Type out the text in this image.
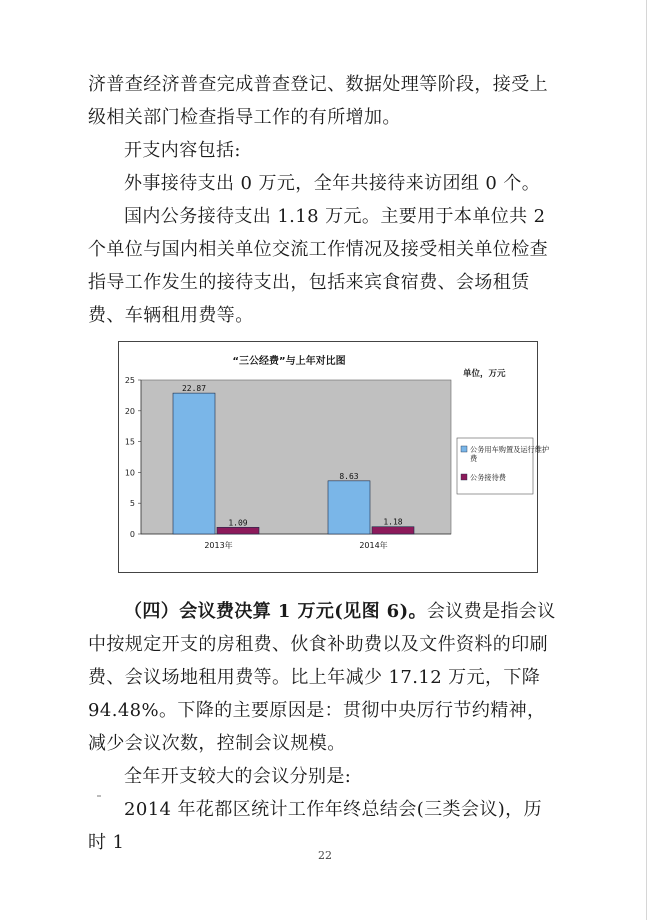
济普查经济普查完成普查登记、数据处理等阶段，接受上级相关部门检查指导工作的有所增加。

开支内容包括:

外事接待支出 0 万元，全年共接待来访团组 0 个。

国内公务接待支出 1.18 万元。主要用于本单位共 2 个单位与国内相关单位交流工作情况及接受相关单位检查指导工作发生的接待支出，包括来宾食宿费、会场租赁费、车辆租用费等。

“三公经费”与上年对比图
单位，万元
0
5
10
15
20
25
22.87
1.09
2013年
8.63
1.18
2014年
公务用车购置及运行维护费
公务接待费

（四）会议费决算 1 万元(见图 6)。会议费是指会议中按规定开支的房租费、伙食补助费以及文件资料的印刷费、会议场地租用费等。比上年减少 17.12 万元，下降 94.48%。下降的主要原因是：贯彻中央厉行节约精神，减少会议次数，控制会议规模。

全年开支较大的会议分别是:

2014 年花都区统计工作年终总结会(三类会议)，历时 1

22
